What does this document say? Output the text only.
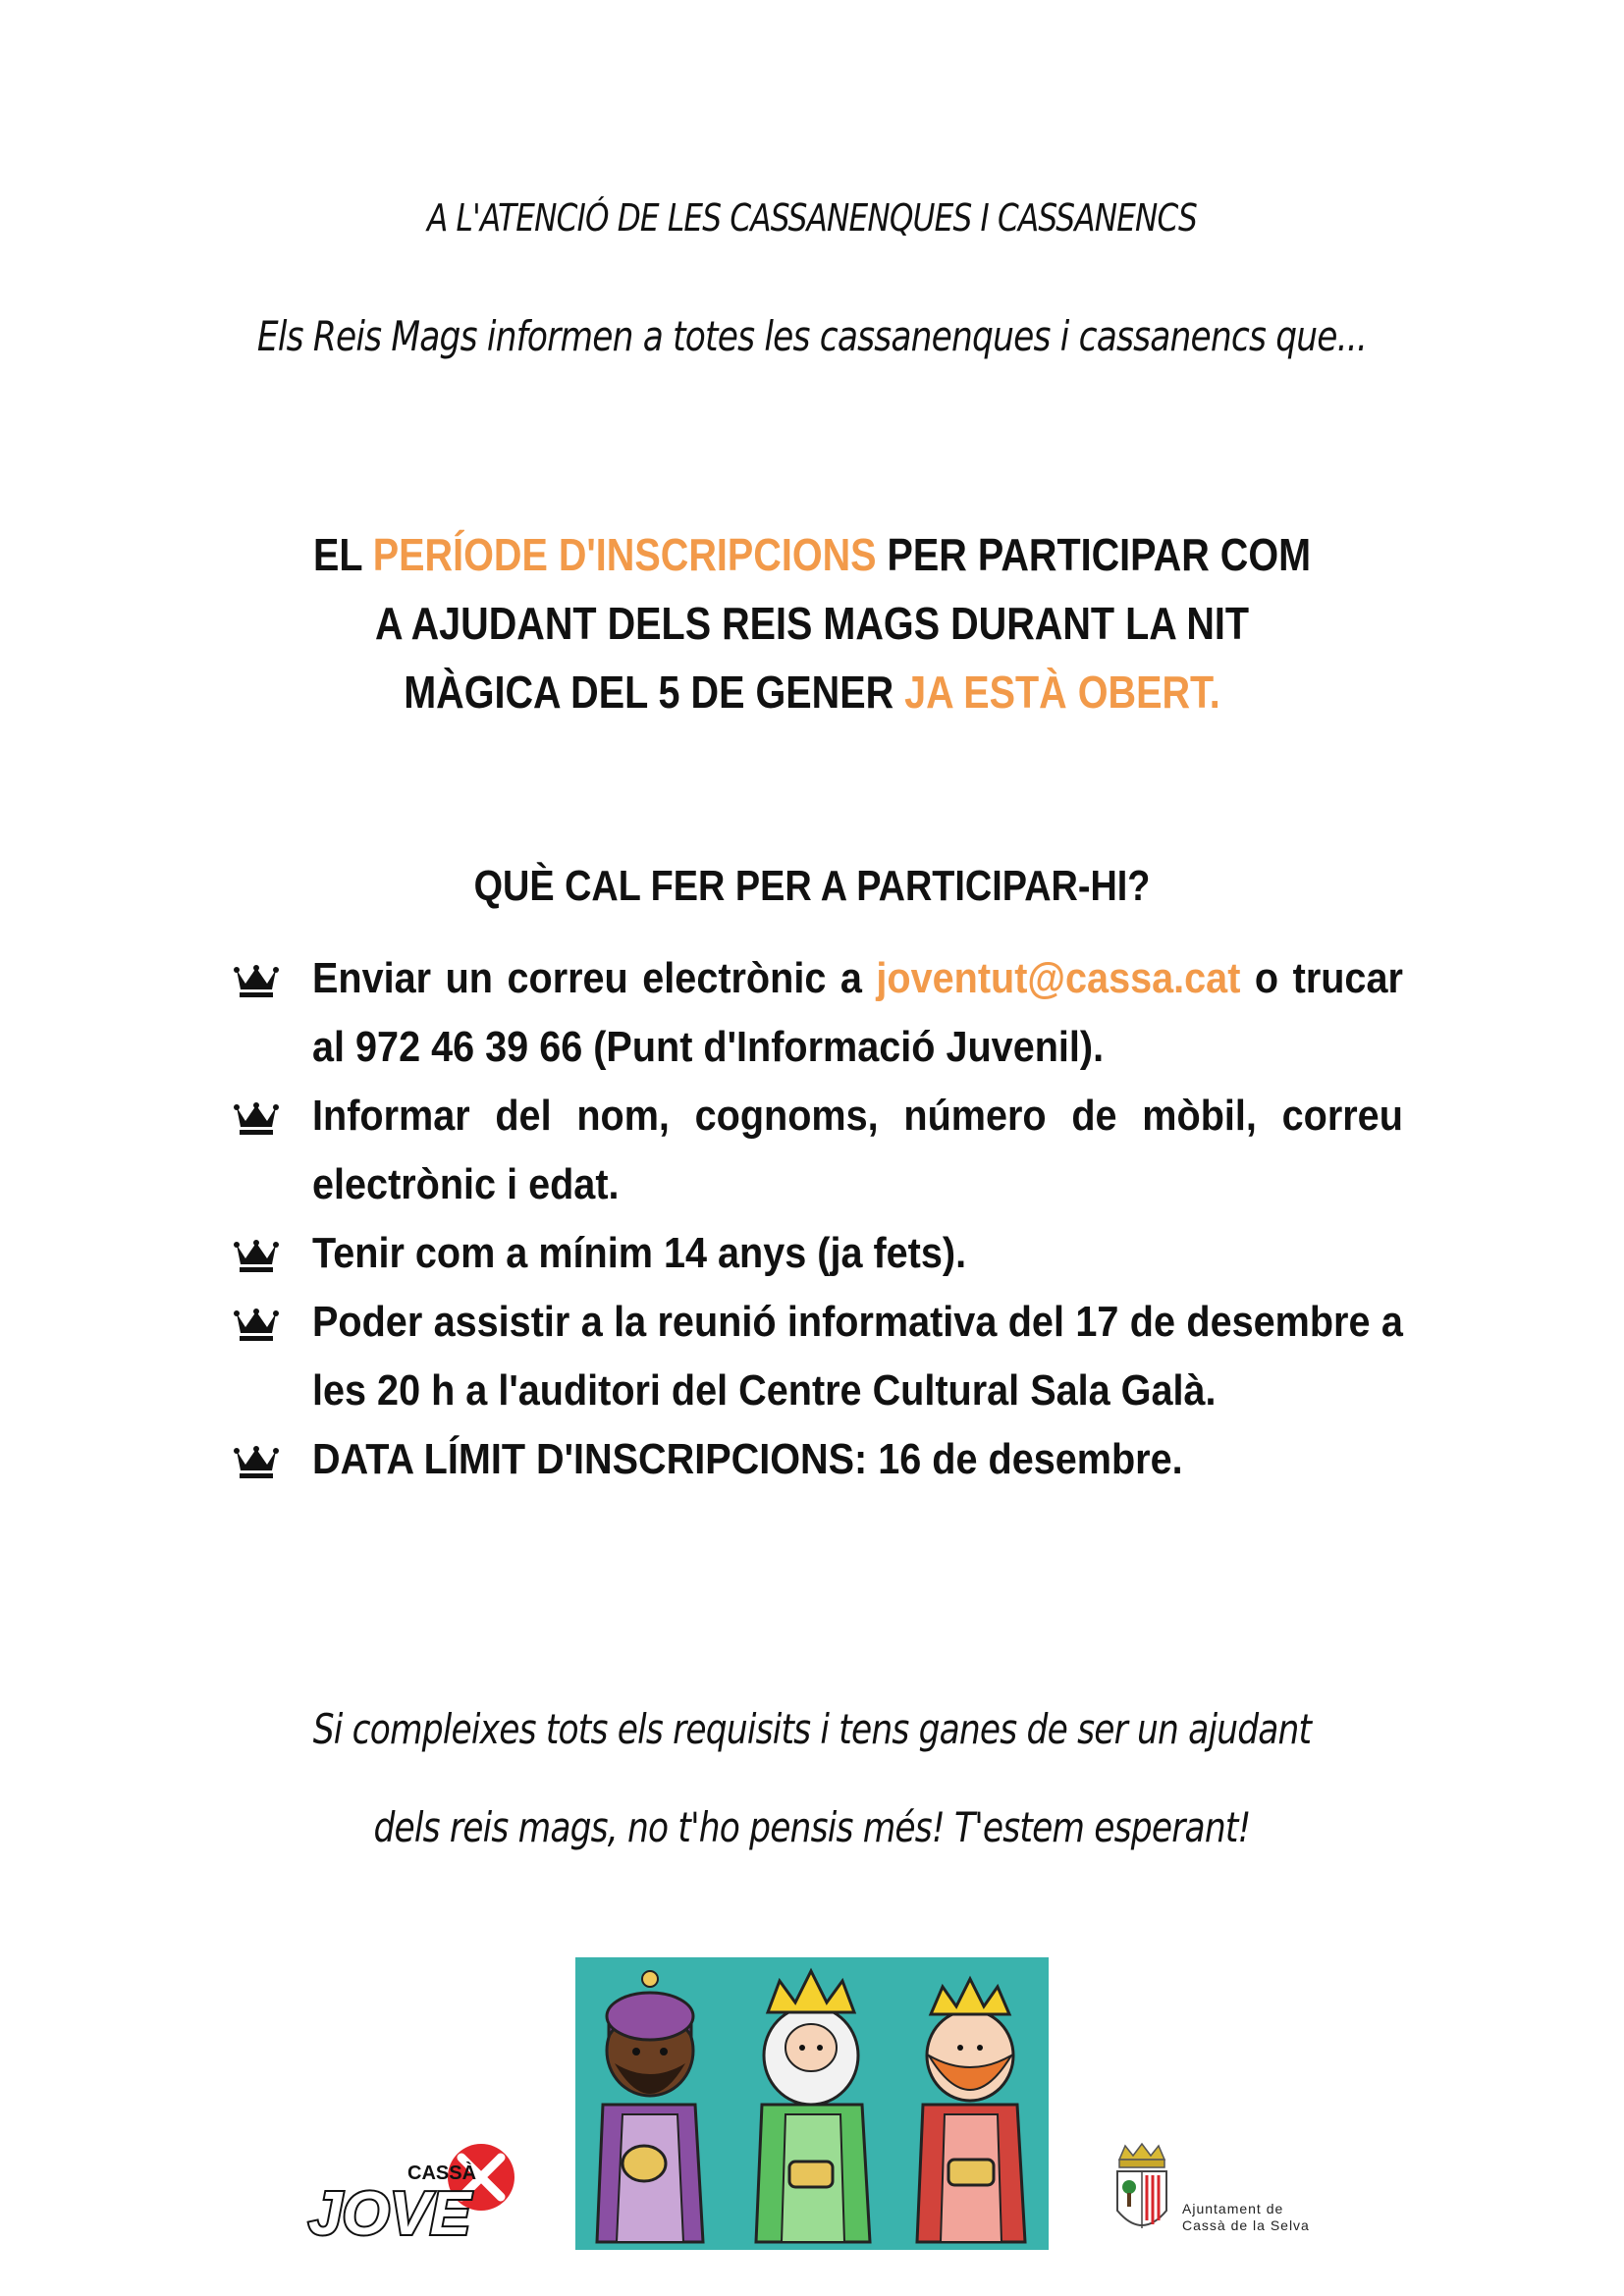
A L'ATENCIÓ DE LES CASSANENQUES I CASSANENCS
Els Reis Mags informen a totes les cassanenques i cassanencs que...
EL PERÍODE D'INSCRIPCIONS PER PARTICIPAR COM A AJUDANT DELS REIS MAGS DURANT LA NIT MÀGICA DEL 5 DE GENER JA ESTÀ OBERT.
QUÈ CAL FER PER A PARTICIPAR-HI?
Enviar un correu electrònic a joventut@cassa.cat o trucar al 972 46 39 66 (Punt d'Informació Juvenil).
Informar del nom, cognoms, número de mòbil, correu electrònic i edat.
Tenir com a mínim 14 anys (ja fets).
Poder assistir a la reunió informativa del 17 de desembre a les 20 h a l'auditori del Centre Cultural Sala Galà.
DATA LÍMIT D'INSCRIPCIONS: 16 de desembre.
Si compleixes tots els requisits i tens ganes de ser un ajudant
dels reis mags, no t'ho pensis més! T'estem esperant!
CASSÀ
JOVE	Ajuntament de
Cassà de la Selva
